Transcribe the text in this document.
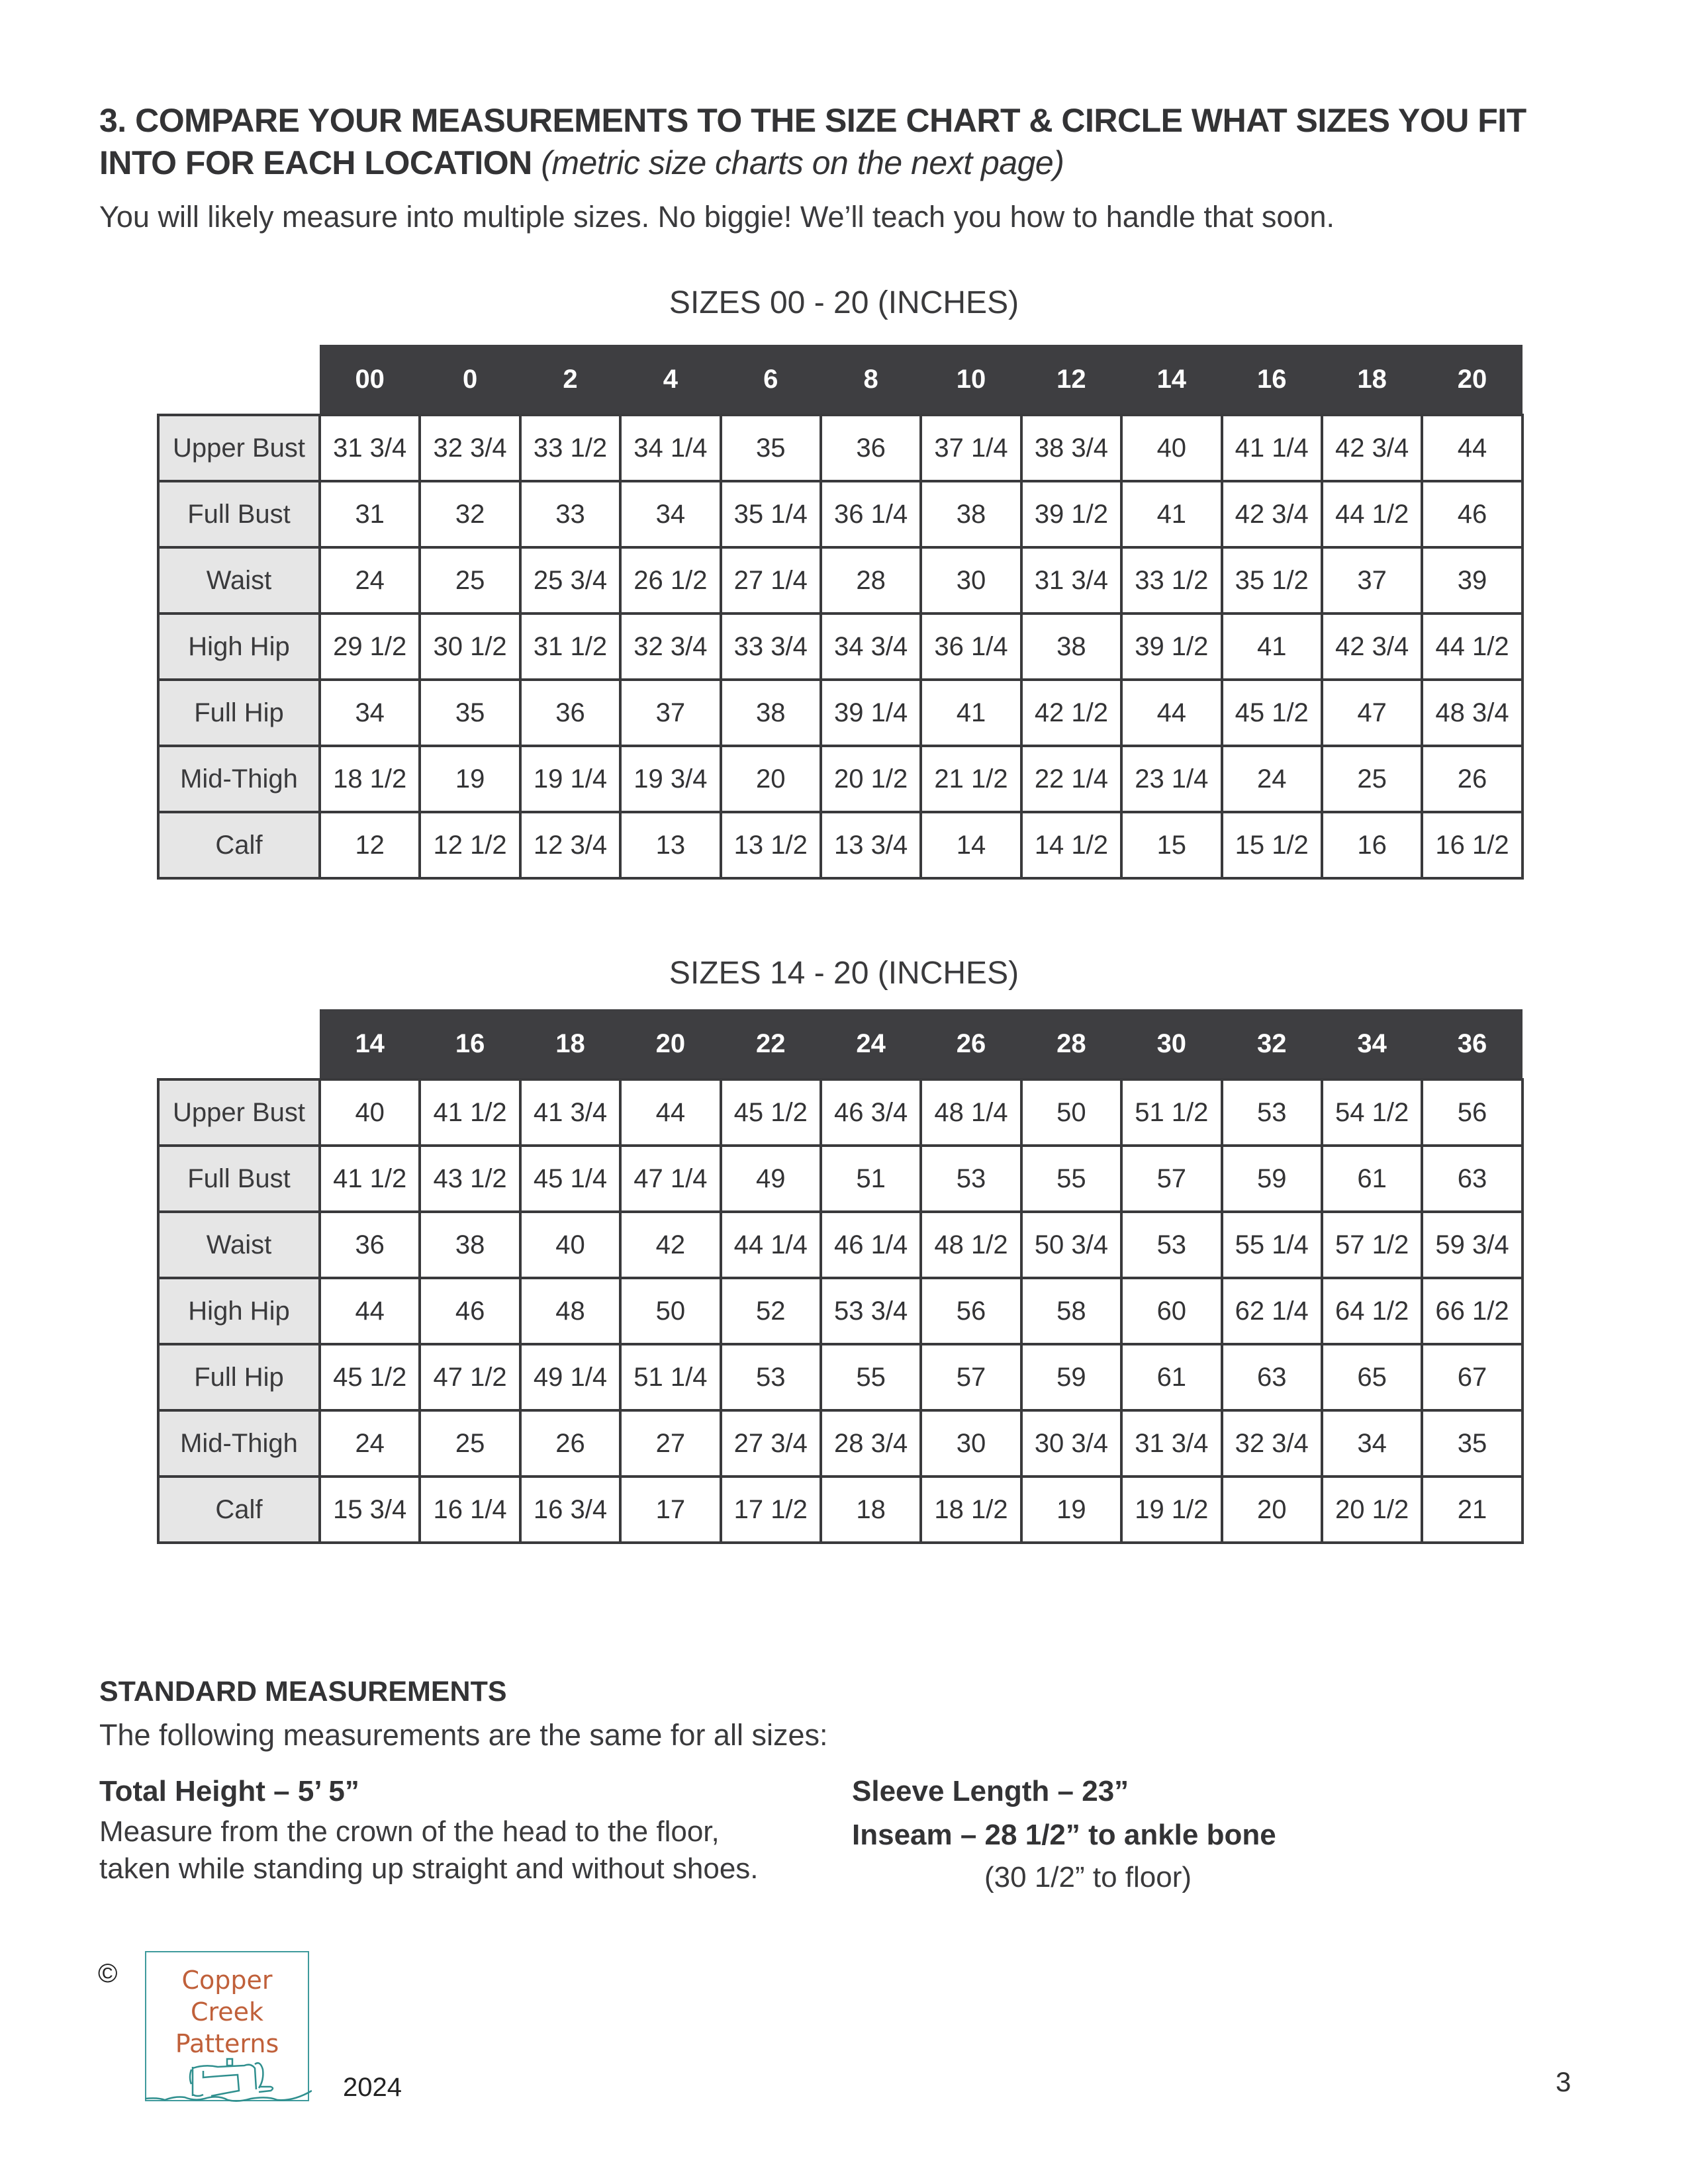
3. COMPARE YOUR MEASUREMENTS TO THE SIZE CHART & CIRCLE WHAT SIZES YOU FIT INTO FOR EACH LOCATION (metric size charts on the next page)
You will likely measure into multiple sizes. No biggie! We’ll teach you how to handle that soon.
SIZES 00 - 20 (INCHES)
	00	0	2	4	6	8	10	12	14	16	18	20
Upper Bust	31 3/4	32 3/4	33 1/2	34 1/4	35	36	37 1/4	38 3/4	40	41 1/4	42 3/4	44
Full Bust	31	32	33	34	35 1/4	36 1/4	38	39 1/2	41	42 3/4	44 1/2	46
Waist	24	25	25 3/4	26 1/2	27 1/4	28	30	31 3/4	33 1/2	35 1/2	37	39
High Hip	29 1/2	30 1/2	31 1/2	32 3/4	33 3/4	34 3/4	36 1/4	38	39 1/2	41	42 3/4	44 1/2
Full Hip	34	35	36	37	38	39 1/4	41	42 1/2	44	45 1/2	47	48 3/4
Mid-Thigh	18 1/2	19	19 1/4	19 3/4	20	20 1/2	21 1/2	22 1/4	23 1/4	24	25	26
Calf	12	12 1/2	12 3/4	13	13 1/2	13 3/4	14	14 1/2	15	15 1/2	16	16 1/2
SIZES 14 - 20 (INCHES)
	14	16	18	20	22	24	26	28	30	32	34	36
Upper Bust	40	41 1/2	41 3/4	44	45 1/2	46 3/4	48 1/4	50	51 1/2	53	54 1/2	56
Full Bust	41 1/2	43 1/2	45 1/4	47 1/4	49	51	53	55	57	59	61	63
Waist	36	38	40	42	44 1/4	46 1/4	48 1/2	50 3/4	53	55 1/4	57 1/2	59 3/4
High Hip	44	46	48	50	52	53 3/4	56	58	60	62 1/4	64 1/2	66 1/2
Full Hip	45 1/2	47 1/2	49 1/4	51 1/4	53	55	57	59	61	63	65	67
Mid-Thigh	24	25	26	27	27 3/4	28 3/4	30	30 3/4	31 3/4	32 3/4	34	35
Calf	15 3/4	16 1/4	16 3/4	17	17 1/2	18	18 1/2	19	19 1/2	20	20 1/2	21
STANDARD MEASUREMENTS
The following measurements are the same for all sizes:
Total Height – 5’ 5”
Measure from the crown of the head to the floor,
taken while standing up straight and without shoes.
Sleeve Length – 23”
Inseam – 28 1/2” to ankle bone
(30 1/2” to floor)
©	Copper
Creek
Patterns
2024	3
